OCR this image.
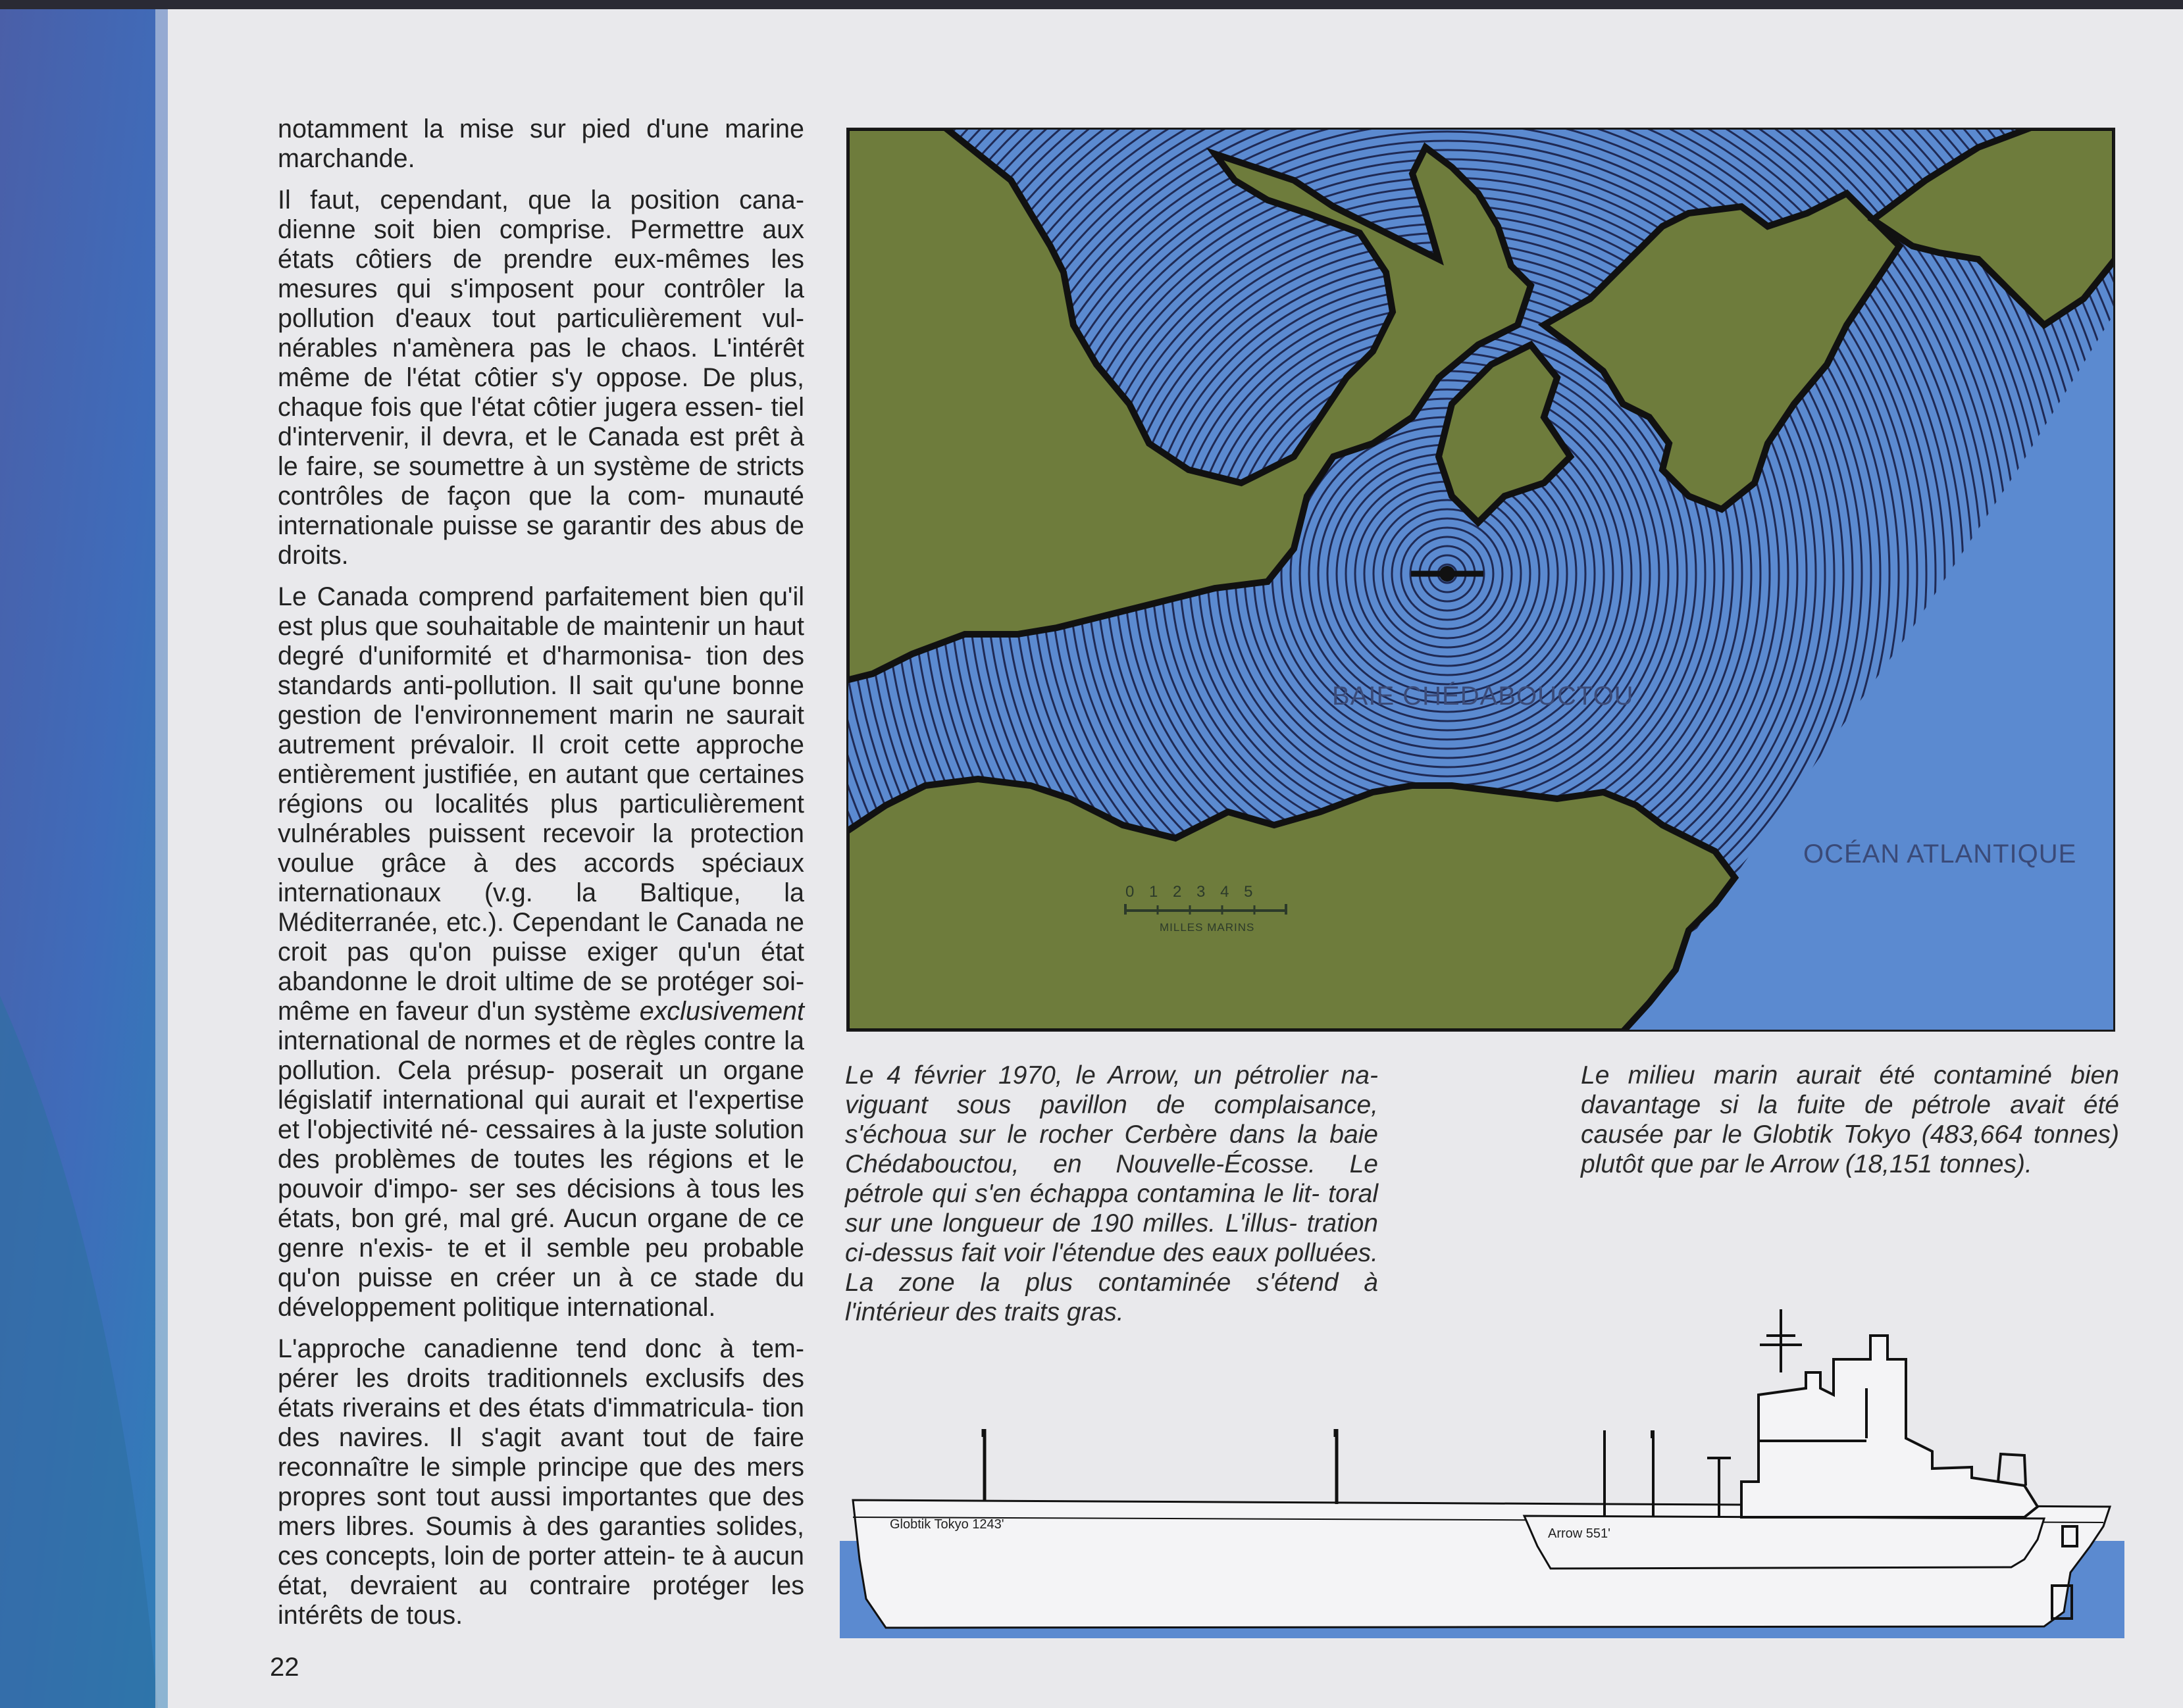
notamment la mise sur pied d'une marine marchande.

Il faut, cependant, que la position cana- dienne soit bien comprise. Permettre aux états côtiers de prendre eux-mêmes les mesures qui s'imposent pour contrôler la pollution d'eaux tout particulièrement vul- nérables n'amènera pas le chaos. L'intérêt même de l'état côtier s'y oppose. De plus, chaque fois que l'état côtier jugera essen- tiel d'intervenir, il devra, et le Canada est prêt à le faire, se soumettre à un système de stricts contrôles de façon que la com- munauté internationale puisse se garantir des abus de droits.

Le Canada comprend parfaitement bien qu'il est plus que souhaitable de maintenir un haut degré d'uniformité et d'harmonisa- tion des standards anti-pollution. Il sait qu'une bonne gestion de l'environnement marin ne saurait autrement prévaloir. Il croit cette approche entièrement justifiée, en autant que certaines régions ou localités plus particulièrement vulnérables puissent recevoir la protection voulue grâce à des accords spéciaux internationaux (v.g. la Baltique, la Méditerranée, etc.). Cependant le Canada ne croit pas qu'on puisse exiger qu'un état abandonne le droit ultime de se protéger soi-même en faveur d'un système exclusivement international de normes et de règles contre la pollution. Cela présup- poserait un organe législatif international qui aurait et l'expertise et l'objectivité né- cessaires à la juste solution des problèmes de toutes les régions et le pouvoir d'impo- ser ses décisions à tous les états, bon gré, mal gré. Aucun organe de ce genre n'exis- te et il semble peu probable qu'on puisse en créer un à ce stade du développement politique international.

L'approche canadienne tend donc à tem- pérer les droits traditionnels exclusifs des états riverains et des états d'immatricula- tion des navires. Il s'agit avant tout de faire reconnaître le simple principe que des mers propres sont tout aussi importantes que des mers libres. Soumis à des garanties solides, ces concepts, loin de porter attein- te à aucun état, devraient au contraire protéger les intérêts de tous.

22
BAIE CHÉDABOUCTOU
OCÉAN ATLANTIQUE
0 1 2 3 4 5
MILLES MARINS
Le 4 février 1970, le Arrow, un pétrolier na- viguant sous pavillon de complaisance, s'échoua sur le rocher Cerbère dans la baie Chédabouctou, en Nouvelle-Écosse. Le pétrole qui s'en échappa contamina le lit- toral sur une longueur de 190 milles. L'illus- tration ci-dessus fait voir l'étendue des eaux polluées. La zone la plus contaminée s'étend à l'intérieur des traits gras.
Le milieu marin aurait été contaminé bien davantage si la fuite de pétrole avait été causée par le Globtik Tokyo (483,664 tonnes) plutôt que par le Arrow (18,151 tonnes).
Globtik Tokyo 1243'
Arrow 551'
